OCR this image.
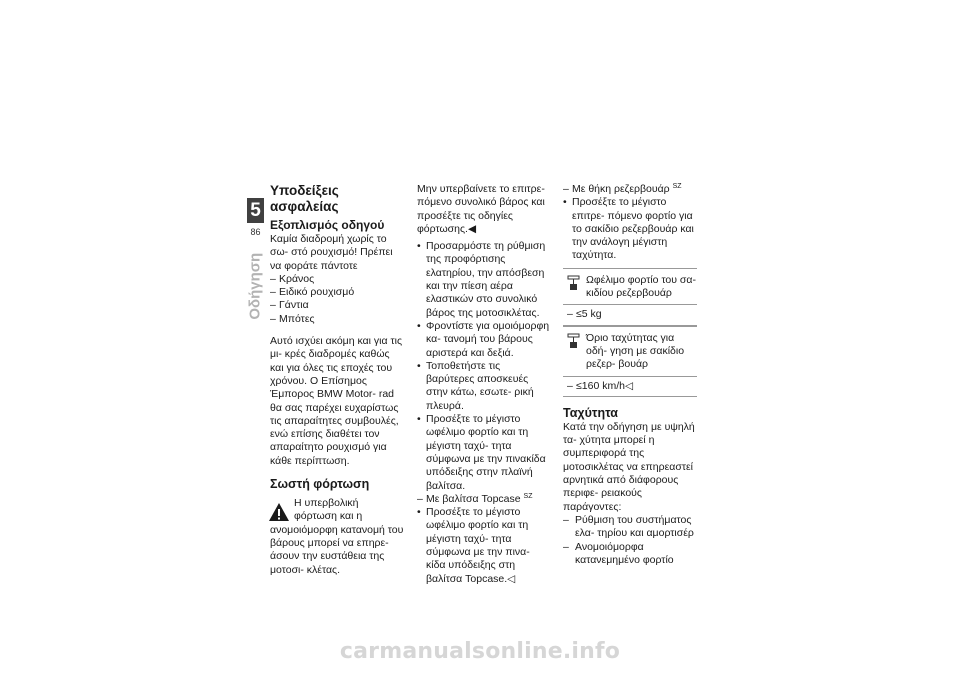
5
86
Οδήγηση
Υποδείξεις ασφαλείας
Εξοπλισμός οδηγού
Καμία διαδρομή χωρίς το σω- στό ρουχισμό! Πρέπει να φοράτε πάντοτε
– Κράνος
– Ειδικό ρουχισμό
– Γάντια
– Μπότες
Αυτό ισχύει ακόμη και για τις μι- κρές διαδρομές καθώς και για όλες τις εποχές του χρόνου. Ο Επίσημος Έμπορος BMW Motor- rad θα σας παρέχει ευχαρίστως τις απαραίτητες συμβουλές, ενώ επίσης διαθέτει τον απαραίτητο ρουχισμό για κάθε περίπτωση.
Σωστή φόρτωση
Η υπερβολική φόρτωση και η ανομοιόμορφη κατανομή του βάρους μπορεί να επηρε- άσουν την ευστάθεια της μοτοσι- κλέτας.
Μην υπερβαίνετε το επιτρε- πόμενο συνολικό βάρος και προσέξτε τις οδηγίες φόρτωσης.◀
• Προσαρμόστε τη ρύθμιση της προφόρτισης ελατηρίου, την απόσβεση και την πίεση αέρα ελαστικών στο συνολικό βάρος της μοτοσικλέτας.
• Φροντίστε για ομοιόμορφη κα- τανομή του βάρους αριστερά και δεξιά.
• Τοποθετήστε τις βαρύτερες αποσκευές στην κάτω, εσωτε- ρική πλευρά.
• Προσέξτε το μέγιστο ωφέλιμο φορτίο και τη μέγιστη ταχύ- τητα σύμφωνα με την πινακίδα υπόδειξης στην πλαϊνή βαλίτσα.
– Με βαλίτσα Topcase $^{SZ}$
• Προσέξτε το μέγιστο ωφέλιμο φορτίο και τη μέγιστη ταχύ- τητα σύμφωνα με την πινα- κίδα υπόδειξης στη βαλίτσα Topcase.◁
– Με θήκη ρεζερβουάρ $^{SZ}$
• Προσέξτε το μέγιστο επιτρε- πόμενο φορτίο για το σακίδιο ρεζερβουάρ και την ανάλογη μέγιστη ταχύτητα.
Ωφέλιμο φορτίο του σα- κιδίου ρεζερβουάρ
– ≤5 kg
Όριο ταχύτητας για οδή- γηση με σακίδιο ρεζερ- βουάρ
– ≤160 km/h◁
Ταχύτητα
Κατά την οδήγηση με υψηλή τα- χύτητα μπορεί η συμπεριφορά της μοτοσικλέτας να επηρεαστεί αρνητικά από διάφορους περιφε- ρειακούς παράγοντες:
– Ρύθμιση του συστήματος ελα- τηρίου και αμορτισέρ
– Ανομοιόμορφα κατανεμημένο φορτίο
carmanualsonline.info
